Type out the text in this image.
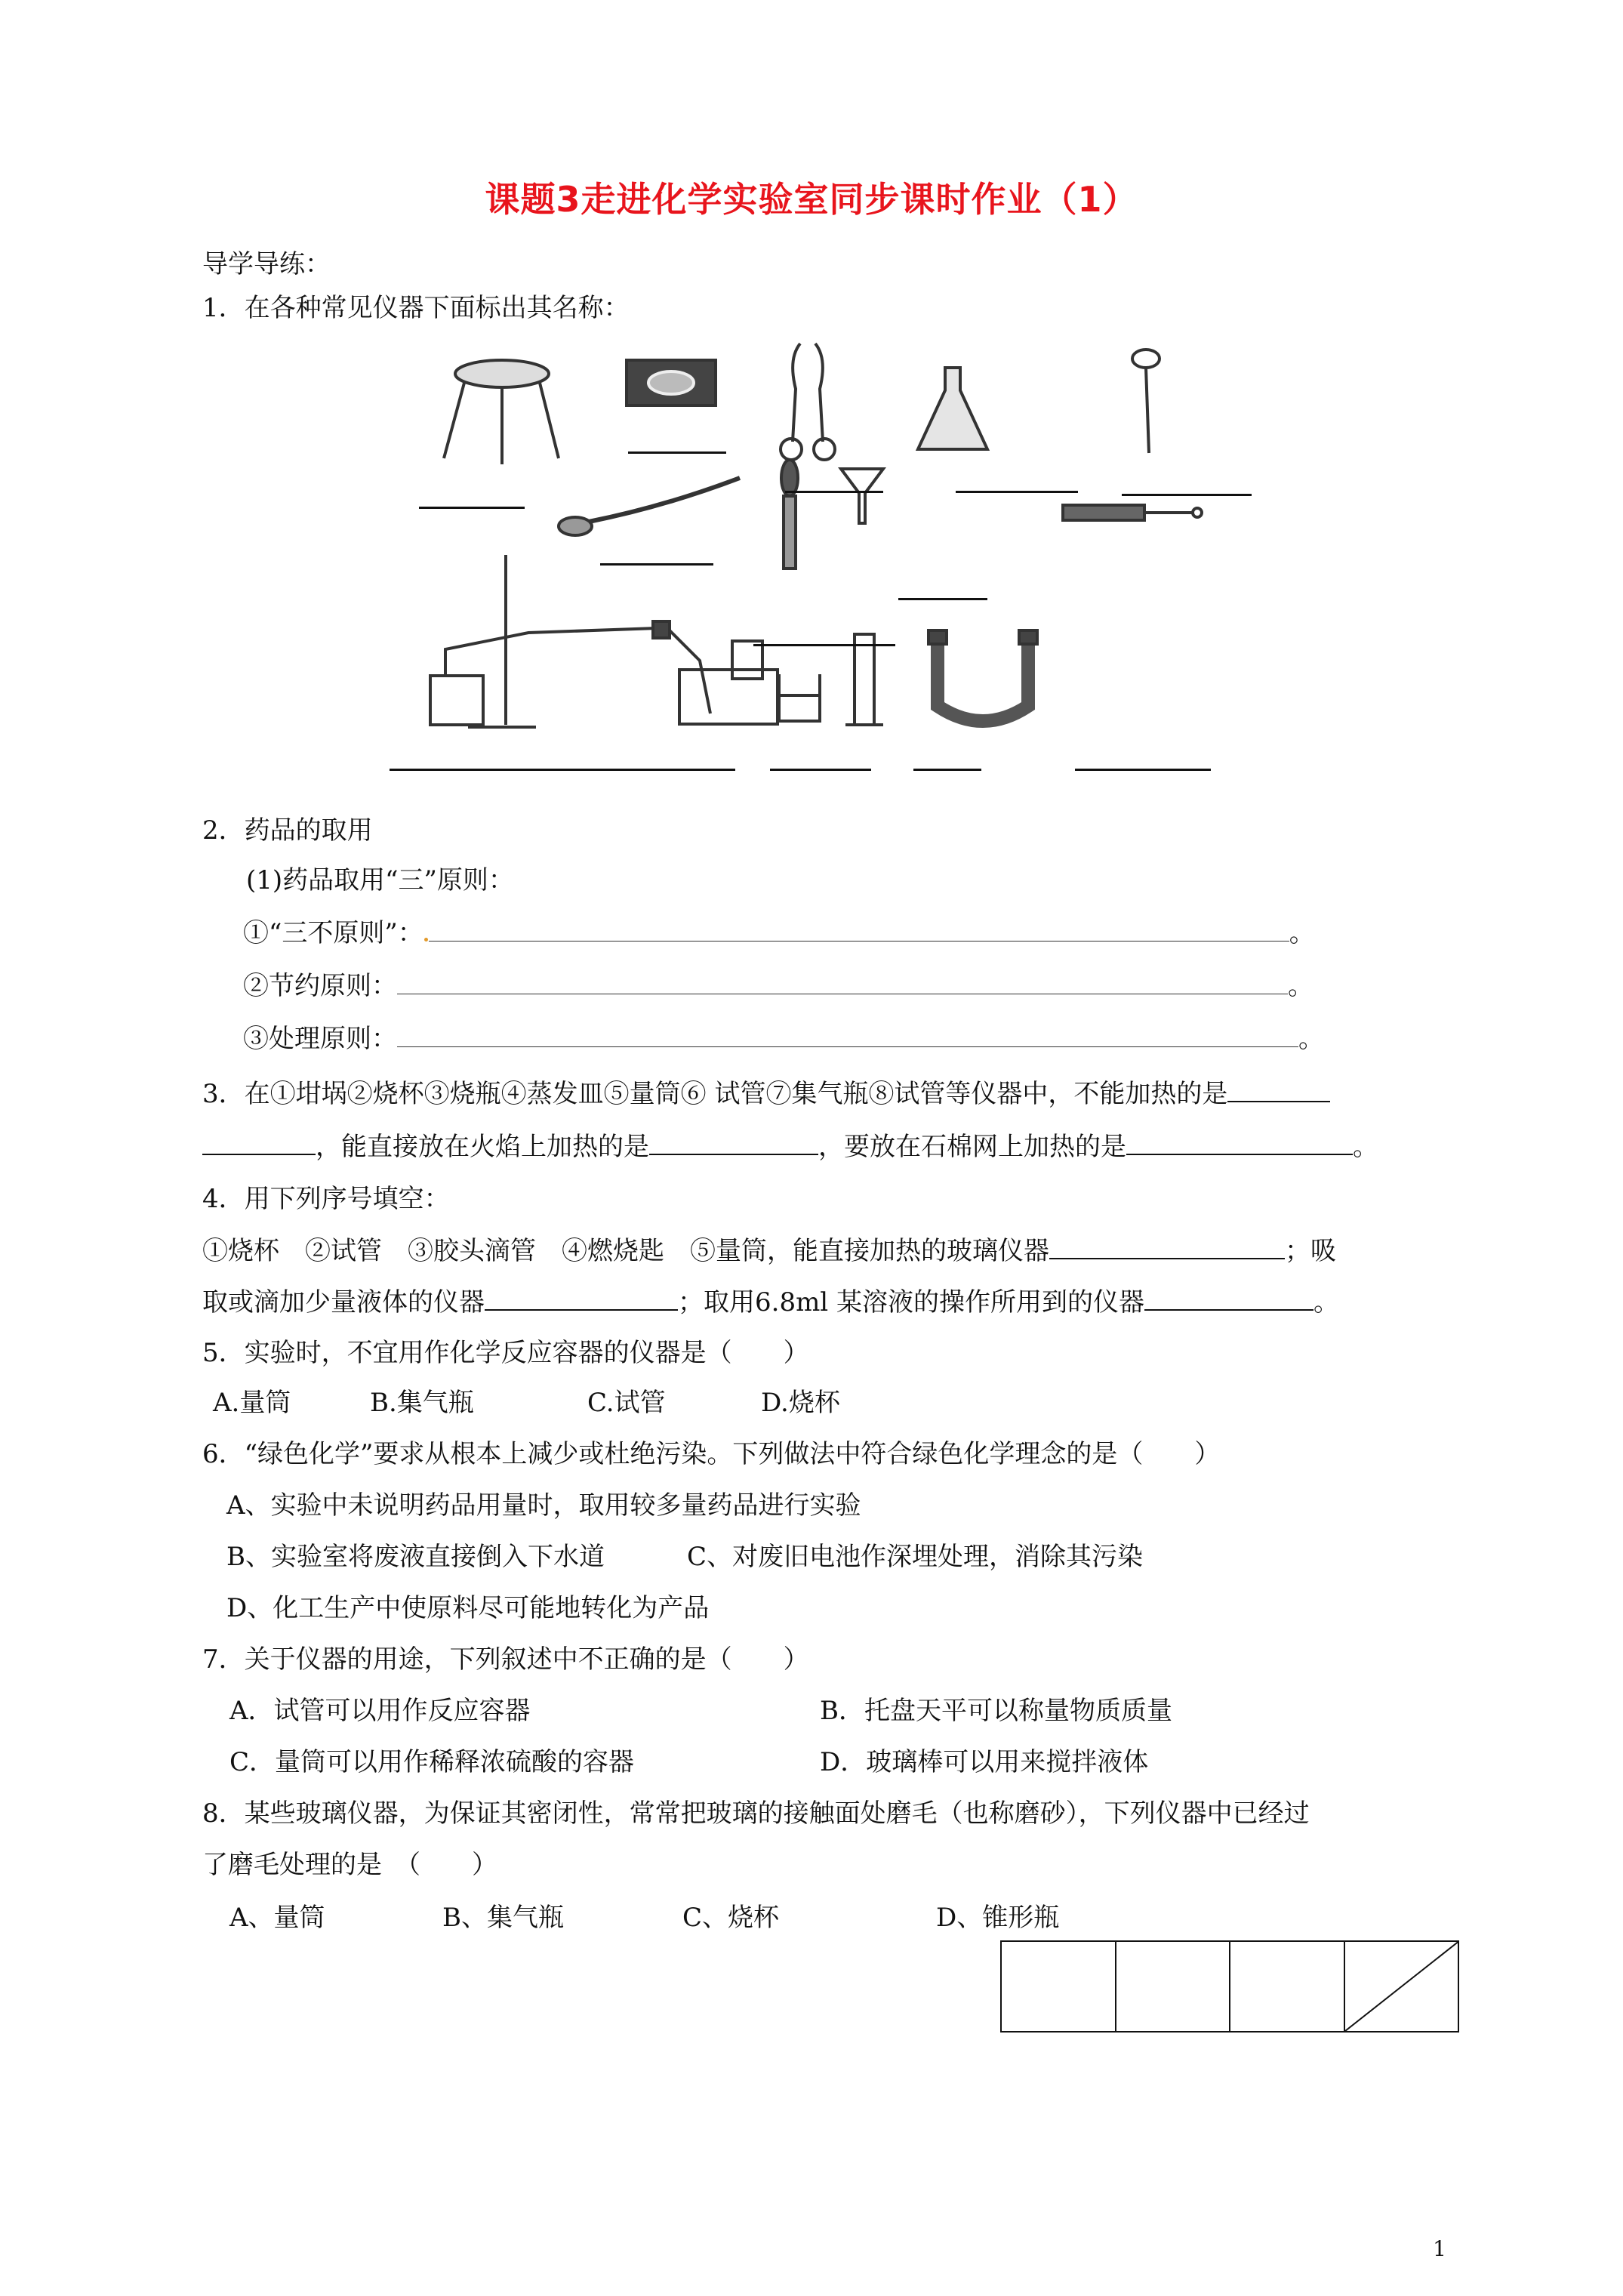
课题3走进化学实验室同步课时作业（1）
导学导练：
1．在各种常见仪器下面标出其名称：
2．药品的取用
(1)药品取用“三”原则：
①“三不原则”：	。
②节约原则：	。
③处理原则：	。
3．在①坩埚②烧杯③烧瓶④蒸发皿⑤量筒⑥ 试管⑦集气瓶⑧试管等仪器中，不能加热的是
，能直接放在火焰上加热的是	，要放在石棉网上加热的是	。
4．用下列序号填空：
①烧杯　②试管　③胶头滴管　④燃烧匙　⑤量筒，能直接加热的玻璃仪器	；吸
取或滴加少量液体的仪器	；取用6.8ml 某溶液的操作所用到的仪器	。
5．实验时，不宜用作化学反应容器的仪器是（　　）
A.量筒	B.集气瓶	C.试管	D.烧杯
6．“绿色化学”要求从根本上减少或杜绝污染。下列做法中符合绿色化学理念的是（　　）
A、实验中未说明药品用量时，取用较多量药品进行实验
B、实验室将废液直接倒入下水道	C、对废旧电池作深埋处理，消除其污染
D、化工生产中使原料尽可能地转化为产品
7．关于仪器的用途，下列叙述中不正确的是（　　）
A．试管可以用作反应容器	B．托盘天平可以称量物质质量
C．量筒可以用作稀释浓硫酸的容器	D．玻璃棒可以用来搅拌液体
8．某些玻璃仪器，为保证其密闭性，常常把玻璃的接触面处磨毛（也称磨砂），下列仪器中已经过
了磨毛处理的是　（　　）
A、量筒	B、集气瓶	C、烧杯	D、锥形瓶
1
